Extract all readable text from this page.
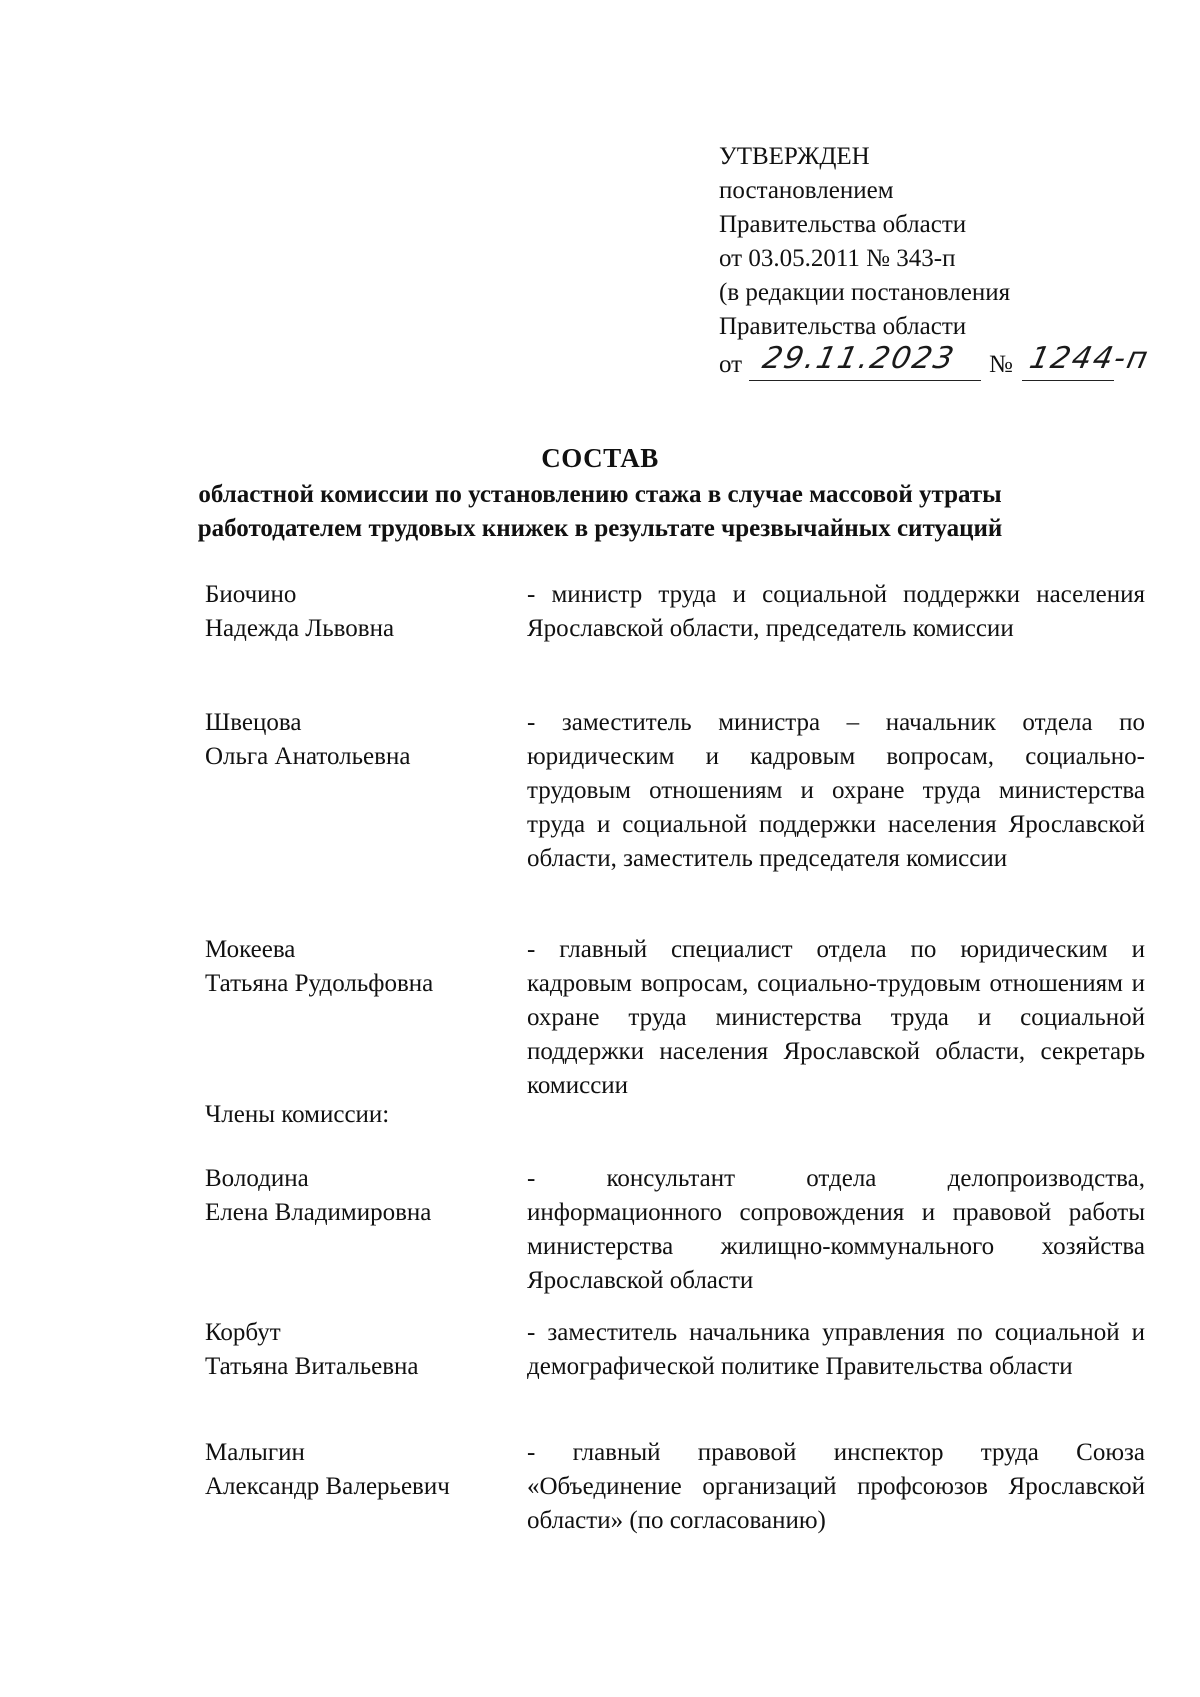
УТВЕРЖДЕН
постановлением
Правительства области
от 03.05.2011 № 343-п
(в редакции постановления
Правительства области
от 29.11.2023 № 1244-п
СОСТАВ
областной комиссии по установлению стажа в случае массовой утраты
работодателем трудовых книжек в результате чрезвычайных ситуаций
Биочино
Надежда Львовна
- министр труда и социальной поддержки населения Ярославской области, председатель комиссии
Швецова
Ольга Анатольевна
- заместитель министра – начальник отдела по юридическим и кадровым вопросам, социально-трудовым отношениям и охране труда министерства труда и социальной поддержки населения Ярославской области, заместитель председателя комиссии
Мокеева
Татьяна Рудольфовна
- главный специалист отдела по юридическим и кадровым вопросам, социально-трудовым отношениям и охране труда министерства труда и социальной поддержки населения Ярославской области, секретарь комиссии
Члены комиссии:
Володина
Елена Владимировна
- консультант отдела делопроизводства, информационного сопровождения и правовой работы министерства жилищно-коммунального хозяйства Ярославской области
Корбут
Татьяна Витальевна
- заместитель начальника управления по социальной и демографической политике Правительства области
Малыгин
Александр Валерьевич
- главный правовой инспектор труда Союза «Объединение организаций профсоюзов Ярославской области» (по согласованию)
